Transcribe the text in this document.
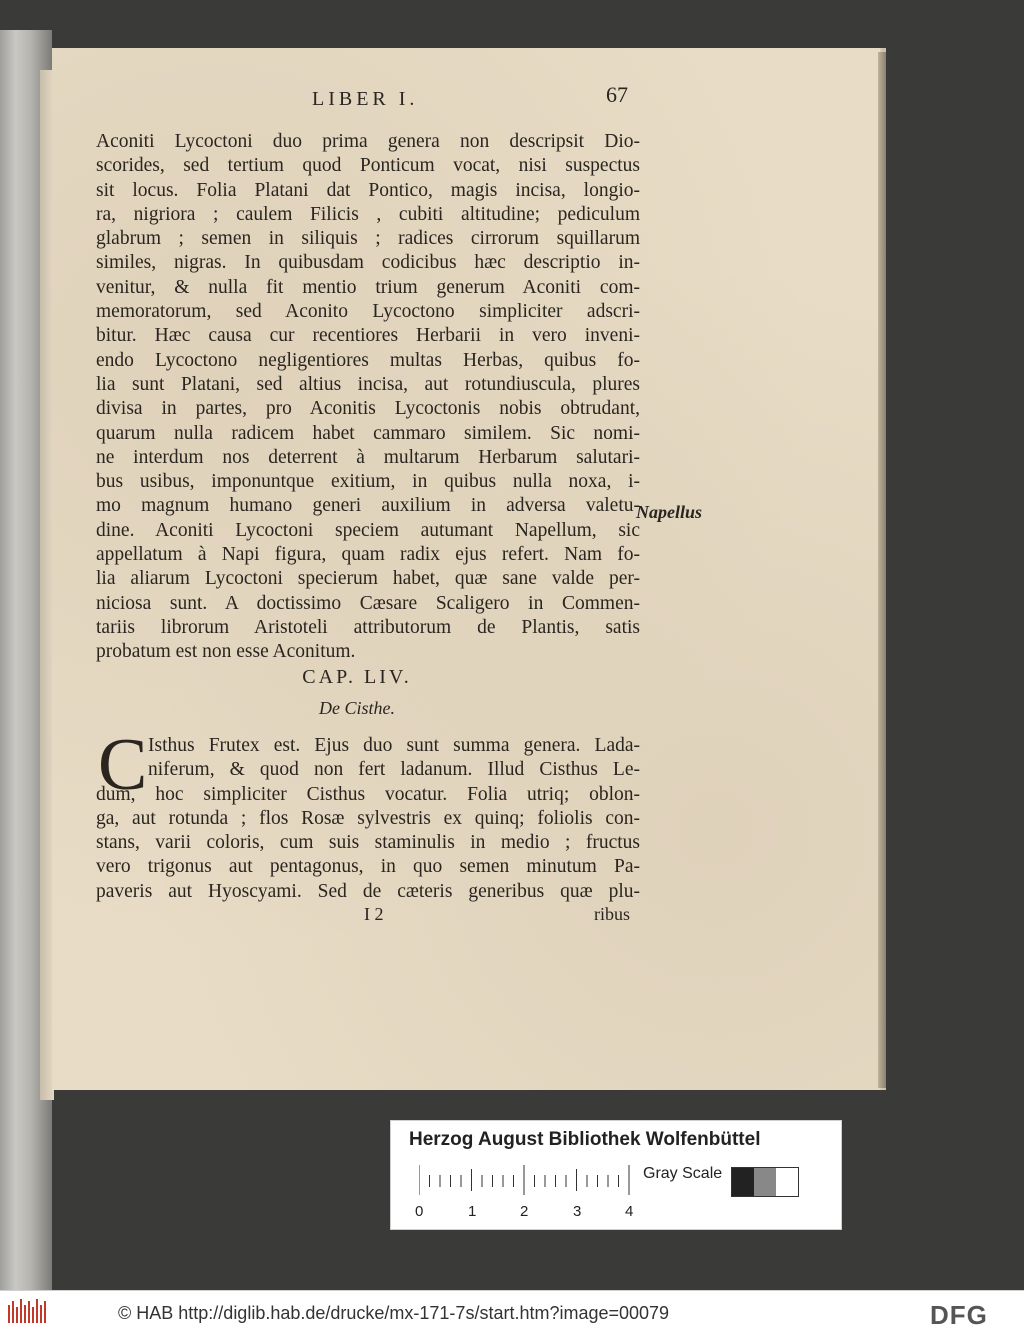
LIBER I.	67
Aconiti Lycoctoni duo prima genera non descripsit Dio-
scorides, sed tertium quod Ponticum vocat, nisi suspectus
sit locus. Folia Platani dat Pontico, magis incisa, longio-
ra, nigriora ; caulem Filicis , cubiti altitudine; pediculum
glabrum ; semen in siliquis ; radices cirrorum squillarum
similes, nigras. In quibusdam codicibus hæc descriptio in-
venitur, & nulla fit mentio trium generum Aconiti com-
memoratorum, sed Aconito Lycoctono simpliciter adscri-
bitur. Hæc causa cur recentiores Herbarii in vero inveni-
endo Lycoctono negligentiores multas Herbas, quibus fo-
lia sunt Platani, sed altius incisa, aut rotundiuscula, plures
divisa in partes, pro Aconitis Lycoctonis nobis obtrudant,
quarum nulla radicem habet cammaro similem. Sic nomi-
ne interdum nos deterrent à multarum Herbarum salutari-
bus usibus, imponuntque exitium, in quibus nulla noxa, i-
mo magnum humano generi auxilium in adversa valetu-
dine. Aconiti Lycoctoni speciem autumant Napellum, sic
appellatum à Napi figura, quam radix ejus refert. Nam fo-
lia aliarum Lycoctoni specierum habet, quæ sane valde per-
niciosa sunt. A doctissimo Cæsare Scaligero in Commen-
tariis librorum Aristoteli attributorum de Plantis, satis
probatum est non esse Aconitum.
Napellus
CAP. LIV.
De Cisthe.
C Isthus Frutex est. Ejus duo sunt summa genera. Lada-
niferum, & quod non fert ladanum. Illud Cisthus Le-
dum, hoc simpliciter Cisthus vocatur. Folia utriq; oblon-
ga, aut rotunda ; flos Rosæ sylvestris ex quinq; foliolis con-
stans, varii coloris, cum suis staminulis in medio ; fructus
vero trigonus aut pentagonus, in quo semen minutum Pa-
paveris aut Hyoscyami. Sed de cæteris generibus quæ plu-
I 2	ribus
Herzog August Bibliothek Wolfenbüttel
0	1	2	3	4
Gray Scale
© HAB http://diglib.hab.de/drucke/mx-171-7s/start.htm?image=00079	DFG
